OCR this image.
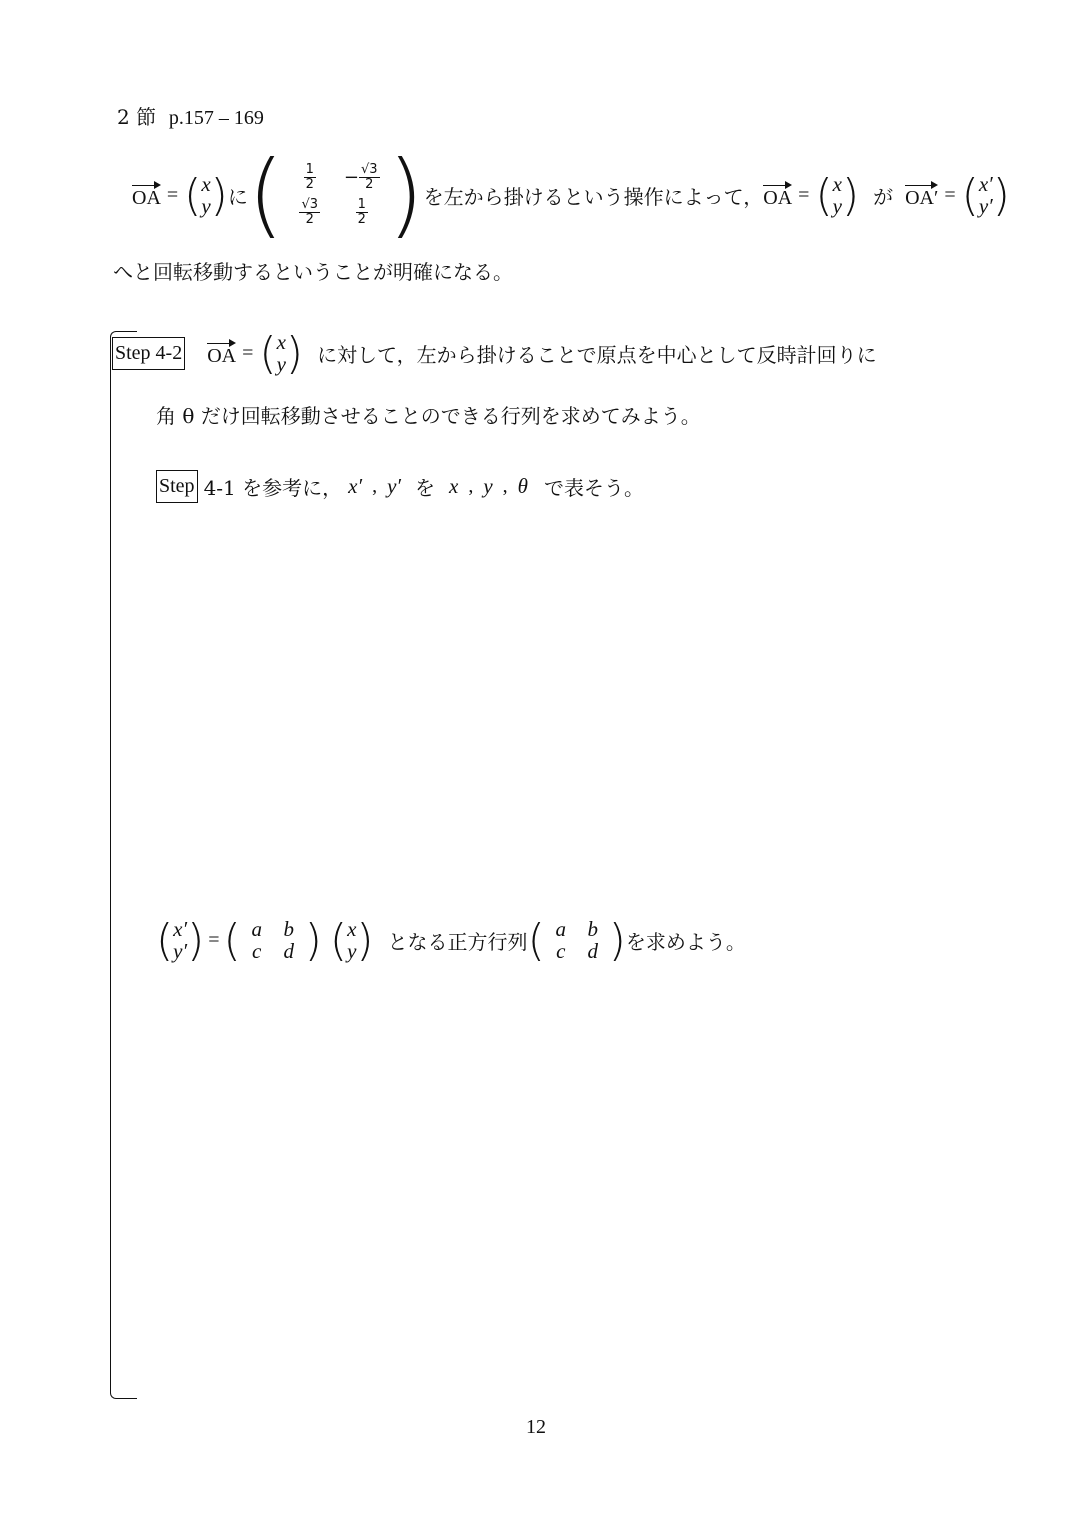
2 節 p.157 – 169
OA = ( x
y ) に ( $\frac{1}{2} - \frac{√3}{2}$
$\frac{√3}{2}$	$\frac{1}{2}$ ) を左から掛けるという操作によって， OA = ( x
y ) が OA′ = ( x′
y′ )
へと回転移動するということが明確になる。
Step 4-2 OA = ( x
y ) に対して，左から掛けることで原点を中心として反時計回りに
角 θ だけ回転移動させることのできる行列を求めてみよう。
Step 4-1 を参考に， x′ , y′ を x , y , θ で表そう。
( x′
y′ ) = ( a	b
c	d ) ( x
y ) となる正方行列 ( a	b
c	d ) を求めよう。
12
